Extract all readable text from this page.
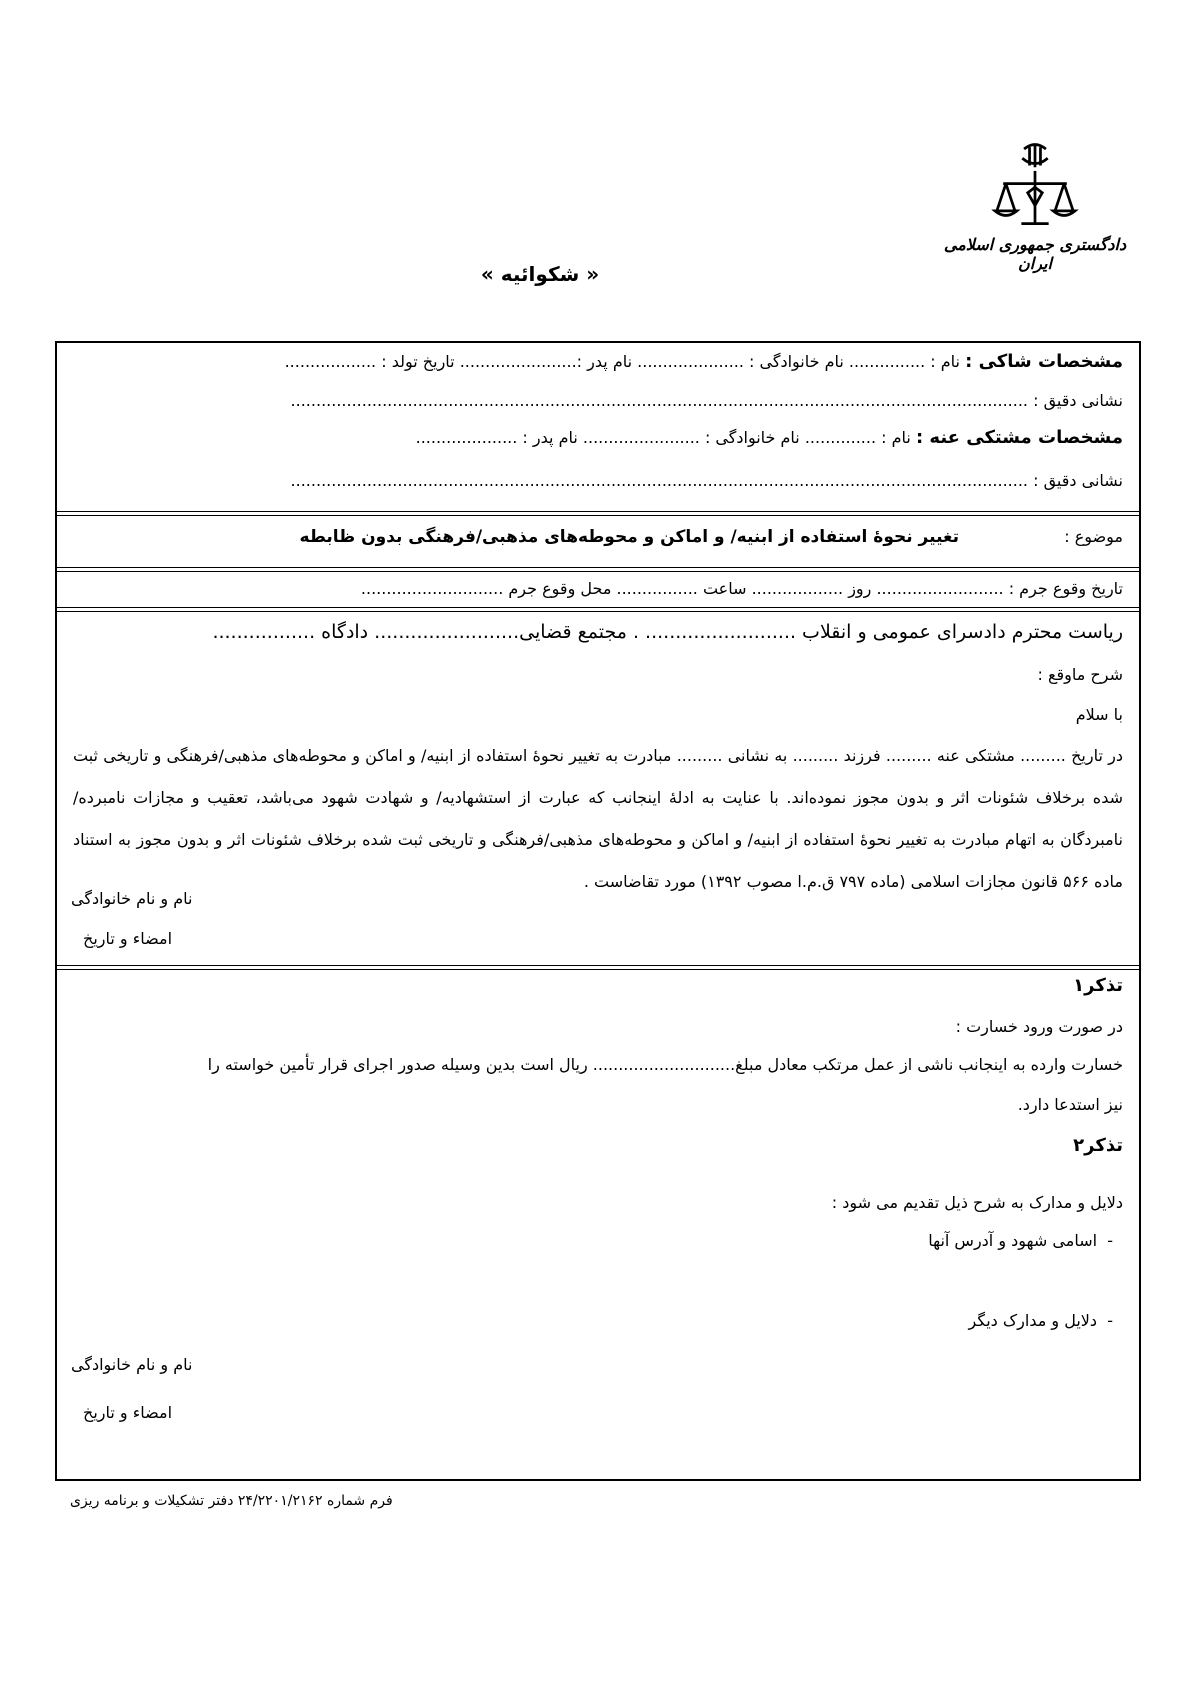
دادگستری جمهوری اسلامی ایران
« شکوائیه »
مشخصات شاکی : نام : ............... نام خانوادگی : ..................... نام پدر :....................... تاریخ تولد : ..................
نشانی دقیق : .................................................................................................................................................
مشخصات مشتکی عنه : نام : .............. نام خانوادگی : ....................... نام پدر : ....................
نشانی دقیق : .................................................................................................................................................
موضوع :
تغییر نحوهٔ استفاده از ابنیه/ و اماکن و محوطه‌های مذهبی/فرهنگی بدون ظابطه
تاریخ وقوع جرم : ......................... روز .................. ساعت ................ محل وقوع جرم ............................
ریاست محترم دادسرای عمومی و انقلاب ......................... . مجتمع قضایی........................ دادگاه .................
شرح ماوقع :
با سلام
در تاریخ ......... مشتکی عنه ......... فرزند ......... به نشانی ......... مبادرت به تغییر نحوهٔ استفاده از ابنیه/ و اماکن و محوطه‌های مذهبی/فرهنگی و تاریخی ثبت شده برخلاف شئونات اثر و بدون مجوز نموده‌اند. با عنایت به ادلهٔ اینجانب که عبارت از استشهادیه/ و شهادت شهود می‌باشد، تعقیب و مجازات نامبرده/نامبردگان به اتهام مبادرت به تغییر نحوهٔ استفاده از ابنیه/ و اماکن و محوطه‌های مذهبی/فرهنگی و تاریخی ثبت شده برخلاف شئونات اثر و بدون مجوز به استناد ماده ۵۶۶ قانون مجازات اسلامی (ماده ۷۹۷ ق.م.ا مصوب ۱۳۹۲) مورد تقاضاست .
نام و نام خانوادگی
امضاء و تاریخ
تذکر۱
در صورت ورود خسارت :
خسارت وارده به اینجانب ناشی از عمل مرتکب معادل مبلغ............................ ریال است بدین وسیله صدور اجرای قرار تأمین خواسته را
نیز استدعا دارد.
تذکر۲
دلایل و مدارک به شرح ذیل تقدیم می شود :
-  اسامی شهود و آدرس آنها
-  دلایل و مدارک دیگر
نام و نام خانوادگی
امضاء و تاریخ
فرم شماره ۲۴/۲۲۰۱/۲۱۶۲ دفتر تشکیلات و برنامه ریزی
